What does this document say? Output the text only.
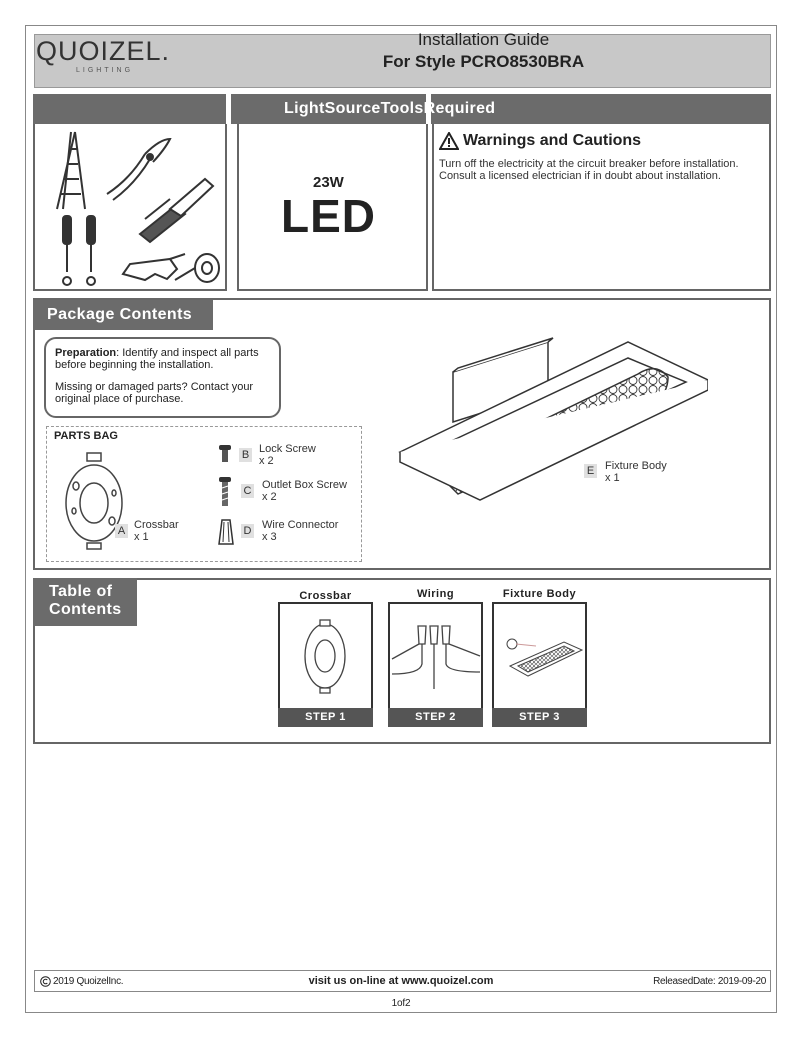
QUOIZEL.
LIGHTING
Installation Guide
For Style PCRO8530BRA
LightSourceToolsRequired
23W
LED
Warnings and Cautions
Turn off the electricity at the circuit breaker before installation.
Consult a licensed electrician if in doubt about installation.
Package Contents
Preparation: Identify and inspect all parts
before beginning the installation.
Missing or damaged parts? Contact your
original place of purchase.
PARTS BAG
A Crossbar
x 1
B Lock Screw
x 2
C Outlet Box Screw
x 2
D Wire Connector
x 3
E Fixture Body
x 1
Table of
Contents
Crossbar
STEP 1
Wiring
STEP 2
Fixture Body
STEP 3
2019 QuoizelInc.	visit us on-line at www.quoizel.com	ReleasedDate: 2019-09-20
1of2
